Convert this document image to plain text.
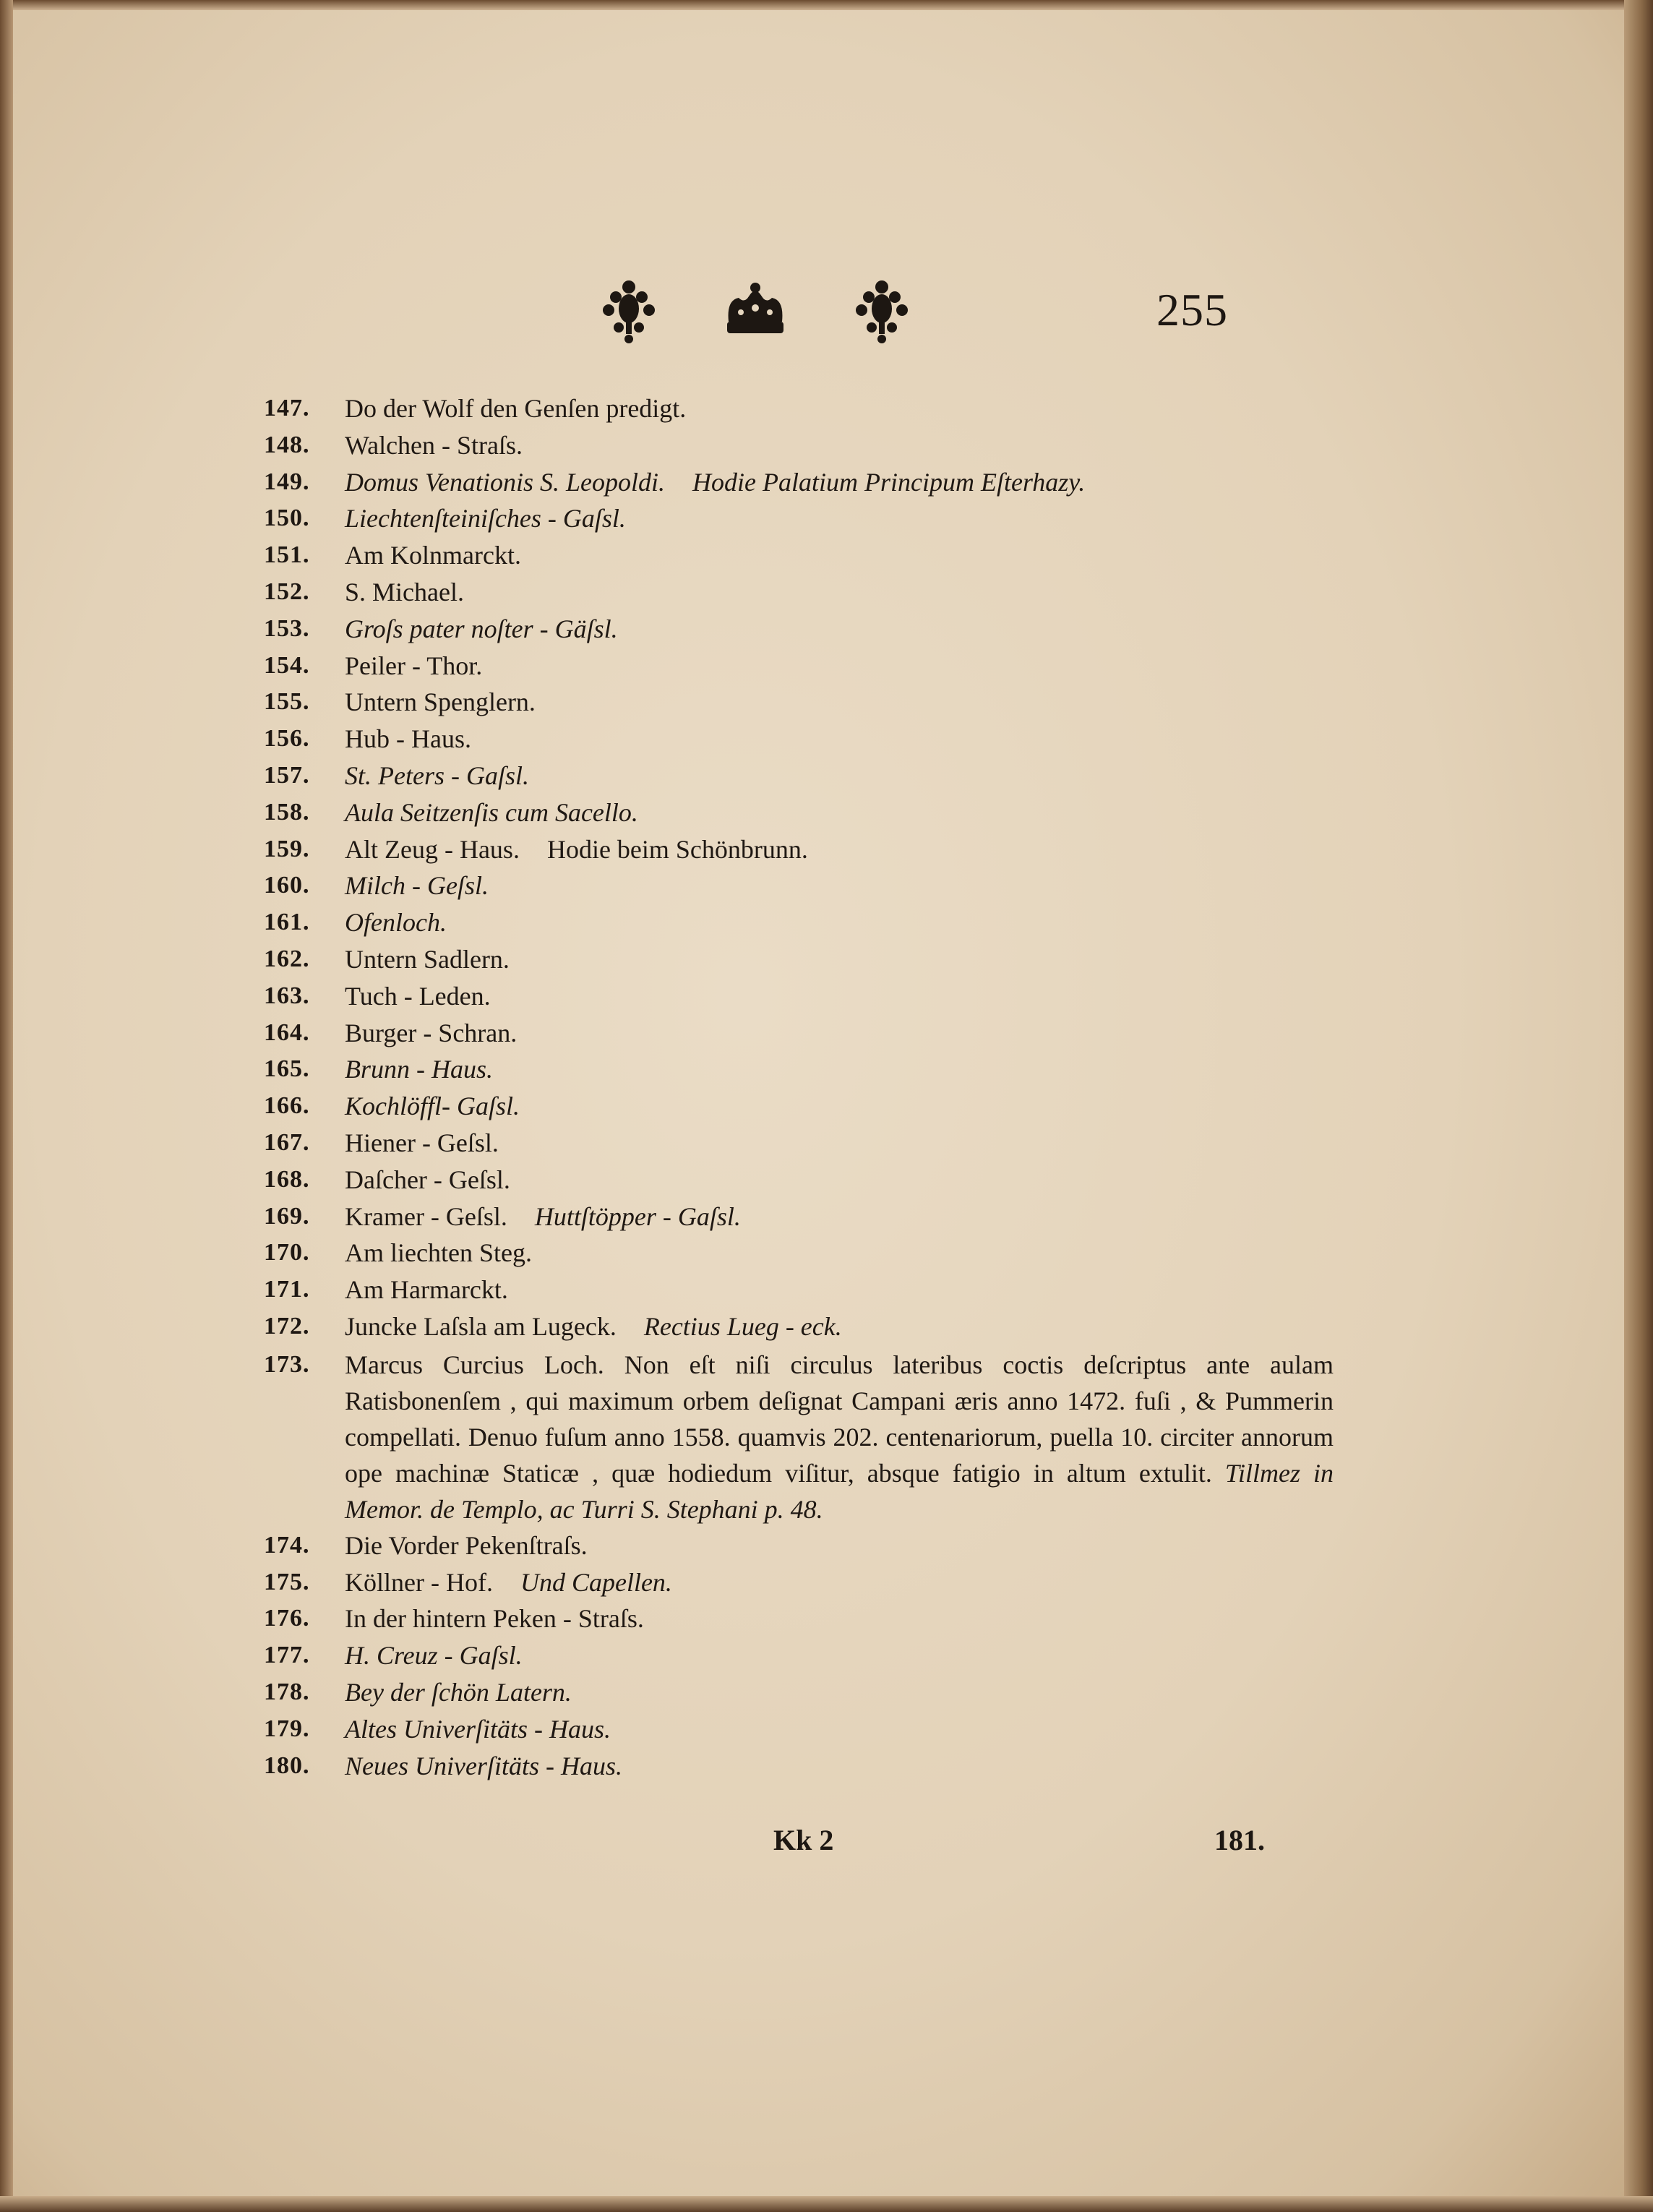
255
147.	Do der Wolf den Genſen predigt.
148.	Walchen - Straſs.
149.	Domus Venationis S. Leopoldi. Hodie Palatium Principum Eſterhazy.
150.	Liechtenſteiniſches - Gaſsl.
151.	Am Kolnmarckt.
152.	S. Michael.
153.	Groſs pater noſter - Gäſsl.
154.	Peiler - Thor.
155.	Untern Spenglern.
156.	Hub - Haus.
157.	St. Peters - Gaſsl.
158.	Aula Seitzenſis cum Sacello.
159.	Alt Zeug - Haus. Hodie beim Schönbrunn.
160.	Milch - Geſsl.
161.	Ofenloch.
162.	Untern Sadlern.
163.	Tuch - Leden.
164.	Burger - Schran.
165.	Brunn - Haus.
166.	Kochlöffl- Gaſsl.
167.	Hiener - Geſsl.
168.	Daſcher - Geſsl.
169.	Kramer - Geſsl. Huttſtöpper - Gaſsl.
170.	Am liechten Steg.
171.	Am Harmarckt.
172.	Juncke Laſsla am Lugeck. Rectius Lueg - eck.
173.	Marcus Curcius Loch. Non eſt niſi circulus lateribus coctis deſcriptus ante aulam Ratisbonenſem , qui maximum orbem deſignat Campani æris anno 1472. fuſi , & Pummerin compellati. Denuo fuſum anno 1558. quamvis 202. centenariorum, puella 10. circiter annorum ope machinæ Staticæ , quæ hodiedum viſitur, absque fatigio in altum extulit. Tillmez in Memor. de Templo, ac Turri S. Stephani p. 48.
174.	Die Vorder Pekenſtraſs.
175.	Köllner - Hof. Und Capellen.
176.	In der hintern Peken - Straſs.
177.	H. Creuz - Gaſsl.
178.	Bey der ſchön Latern.
179.	Altes Univerſitäts - Haus.
180.	Neues Univerſitäts - Haus.
Kk 2	181.
